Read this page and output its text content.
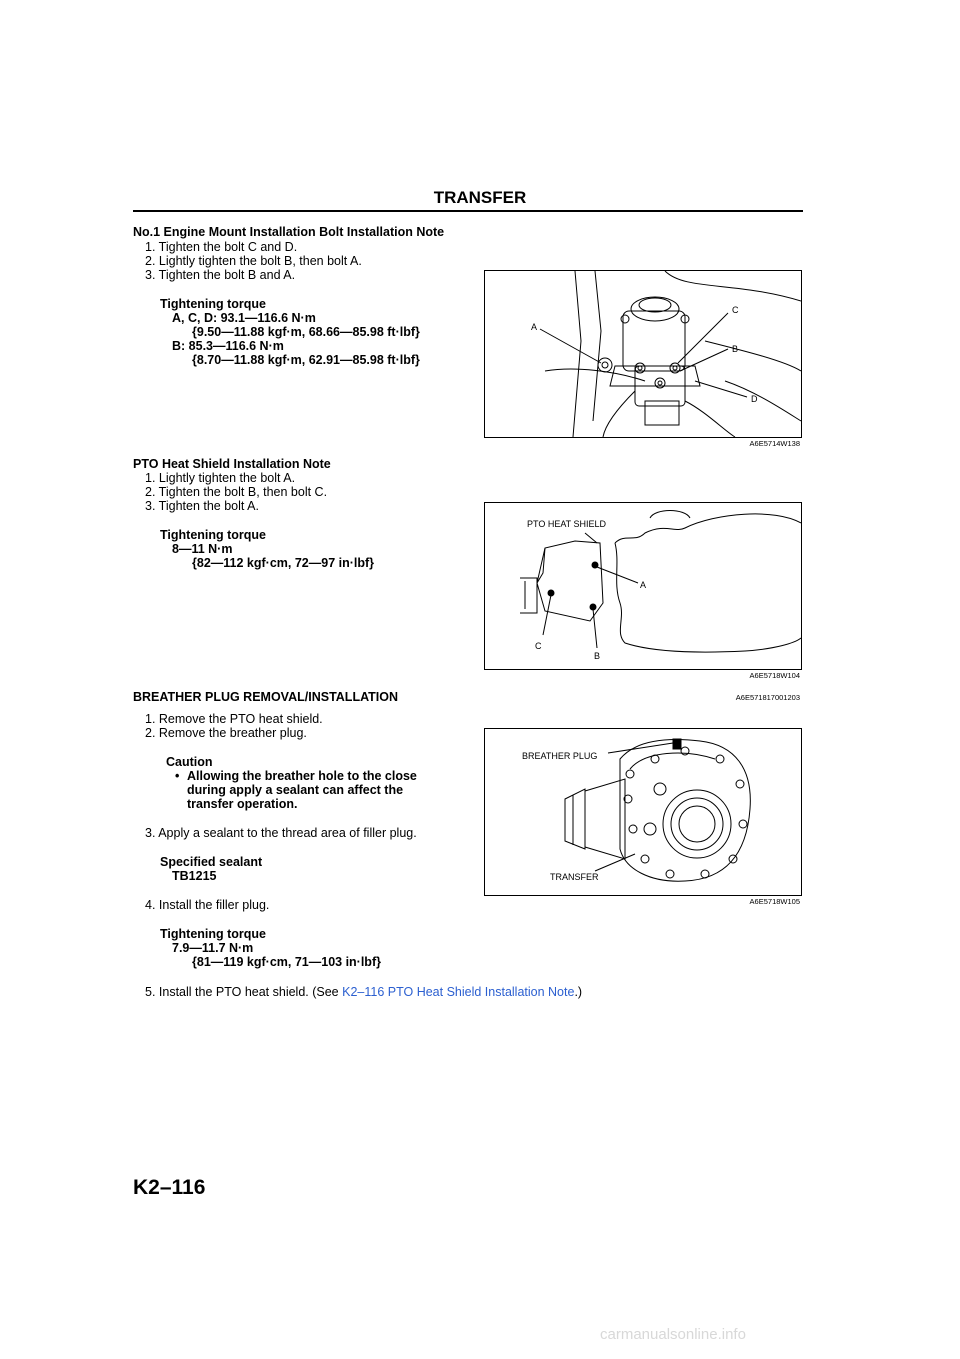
TRANSFER
No.1 Engine Mount Installation Bolt Installation Note
1. Tighten the bolt C and D.
2. Lightly tighten the bolt B, then bolt A.
3. Tighten the bolt B and A.
Tightening torque
A, C, D: 93.1—116.6 N·m
{9.50—11.88 kgf·m, 68.66—85.98 ft·lbf}
B: 85.3—116.6 N·m
{8.70—11.88 kgf·m, 62.91—85.98 ft·lbf}
A
C
B
D
A6E5714W138
PTO Heat Shield Installation Note
1. Lightly tighten the bolt A.
2. Tighten the bolt B, then bolt C.
3. Tighten the bolt A.
Tightening torque
8—11 N·m
{82—112 kgf·cm, 72—97 in·lbf}
PTO HEAT SHIELD
A
C
B
A6E5718W104
BREATHER PLUG REMOVAL/INSTALLATION	A6E571817001203
1. Remove the PTO heat shield.
2. Remove the breather plug.
Caution
• Allowing the breather hole to the close
during apply a sealant can affect the
transfer operation.
3. Apply a sealant to the thread area of filler plug.
Specified sealant
TB1215
4. Install the filler plug.
Tightening torque
7.9—11.7 N·m
{81—119 kgf·cm, 71—103 in·lbf}
5. Install the PTO heat shield. (See K2–116 PTO Heat Shield Installation Note.)
BREATHER PLUG
TRANSFER
A6E5718W105
K2–116
carmanualsonline.info
